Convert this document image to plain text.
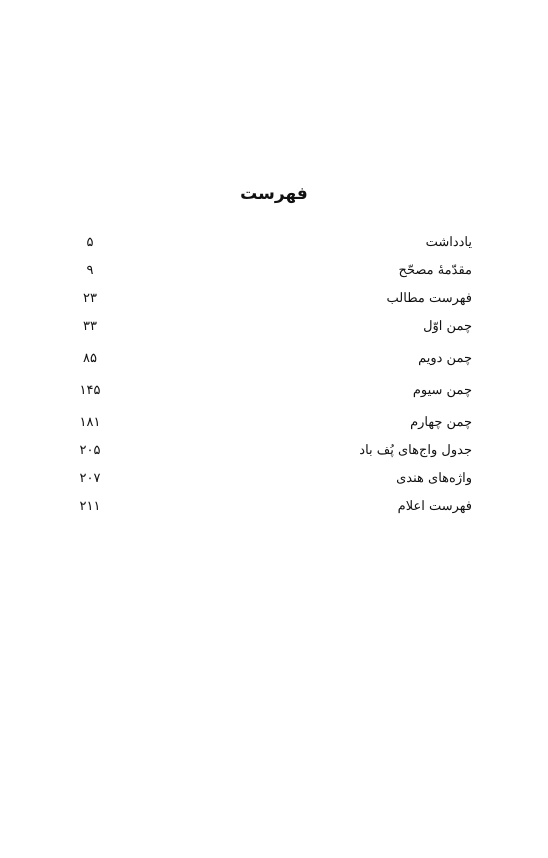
فهرست
یادداشت
۵
مقدّمهٔ مصحّح
۹
فهرست مطالب
۲۳
چمن اوّل
۳۳
چمن دویم
۸۵
چمن سیوم
۱۴۵
چمن چهارم
۱۸۱
جدول واج‌های پُف باد
۲۰۵
واژه‌های هندی
۲۰۷
فهرست اعلام
۲۱۱
